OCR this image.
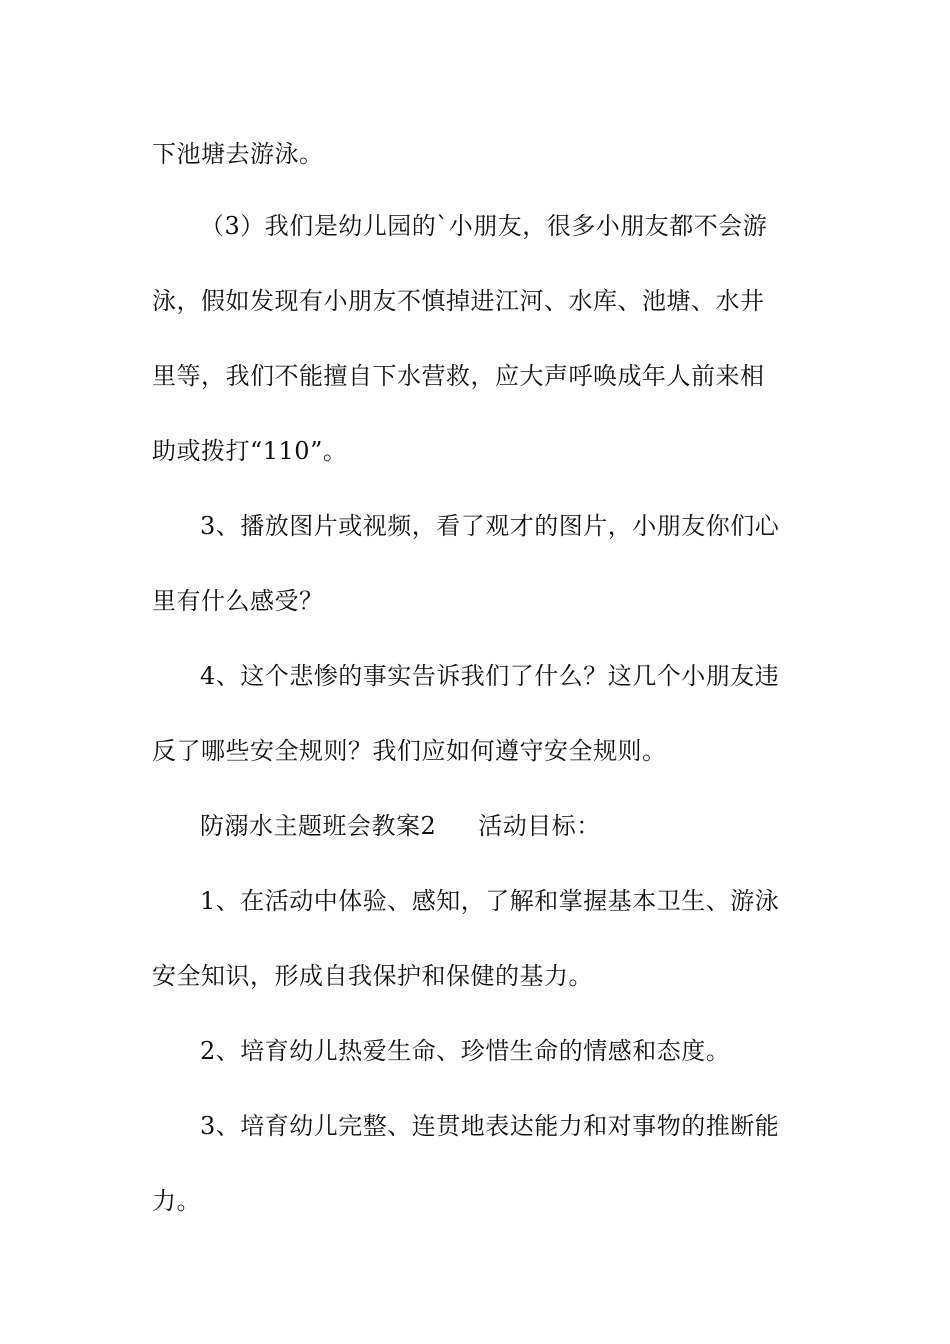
下池塘去游泳。
（3）我们是幼儿园的`小朋友，很多小朋友都不会游
泳，假如发现有小朋友不慎掉进江河、水库、池塘、水井
里等，我们不能擅自下水营救，应大声呼唤成年人前来相
助或拨打“110”。
3、播放图片或视频，看了观才的图片，小朋友你们心
里有什么感受？
4、这个悲惨的事实告诉我们了什么？这几个小朋友违
反了哪些安全规则？我们应如何遵守安全规则。
防溺水主题班会教案2 活动目标：
1、在活动中体验、感知，了解和掌握基本卫生、游泳
安全知识，形成自我保护和保健的基力。
2、培育幼儿热爱生命、珍惜生命的情感和态度。
3、培育幼儿完整、连贯地表达能力和对事物的推断能
力。
